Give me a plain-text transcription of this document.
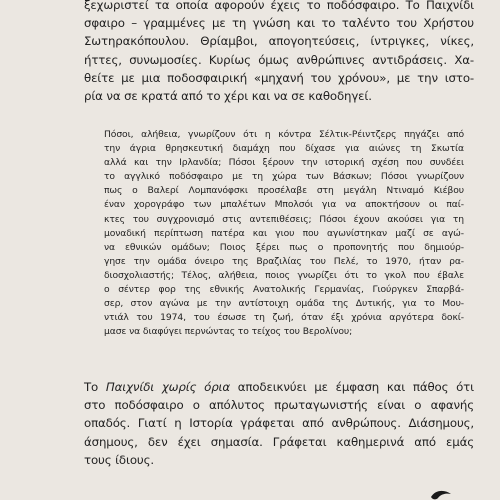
ξεχωριστεί τα οποία αφορούν έχεις το ποδόσφαιρο. Το Παιχνίδι
σφαιρο – γραμμένες με τη γνώση και το ταλέντο του Χρήστου
Σωτηρακόπουλου. Θρίαμβοι, απογοητεύσεις, ίντριγκες, νίκες,
ήττες, συνωμοσίες. Κυρίως όμως ανθρώπινες αντιδράσεις. Χα-
θείτε με μια ποδοσφαιρική «μηχανή του χρόνου», με την ιστο-
ρία να σε κρατά από το χέρι και να σε καθοδηγεί.

Πόσοι, αλήθεια, γνωρίζουν ότι η κόντρα Σέλτικ-Ρέιντζερς πηγάζει από
την άγρια θρησκευτική διαμάχη που δίχασε για αιώνες τη Σκωτία
αλλά και την Ιρλανδία; Πόσοι ξέρουν την ιστορική σχέση που συνδέει
το αγγλικό ποδόσφαιρο με τη χώρα των Βάσκων; Πόσοι γνωρίζουν
πως ο Βαλερί Λομπανόφσκι προσέλαβε στη μεγάλη Ντιναμό Κιέβου
έναν χορογράφο των μπαλέτων Μπολσόι για να αποκτήσουν οι παί-
κτες του συγχρονισμό στις αντεπιθέσεις; Πόσοι έχουν ακούσει για τη
μοναδική περίπτωση πατέρα και γιου που αγωνίστηκαν μαζί σε αγώ-
να εθνικών ομάδων; Ποιος ξέρει πως ο προπονητής που δημιούρ-
γησε την ομάδα όνειρο της Βραζιλίας του Πελέ, το 1970, ήταν ρα-
διοσχολιαστής; Τέλος, αλήθεια, ποιος γνωρίζει ότι το γκολ που έβαλε
ο σέντερ φορ της εθνικής Ανατολικής Γερμανίας, Γιούργκεν Σπαρβά-
σερ, στον αγώνα με την αντίστοιχη ομάδα της Δυτικής, για το Μου-
ντιάλ του 1974, του έσωσε τη ζωή, όταν έξι χρόνια αργότερα δοκί-
μασε να διαφύγει περνώντας το τείχος του Βερολίνου;

Το Παιχνίδι χωρίς όρια αποδεικνύει με έμφαση και πάθος ότι
στο ποδόσφαιρο ο απόλυτος πρωταγωνιστής είναι ο αφανής
οπαδός. Γιατί η Ιστορία γράφεται από ανθρώπους. Διάσημους,
άσημους, δεν έχει σημασία. Γράφεται καθημερινά από εμάς
τους ίδιους.
